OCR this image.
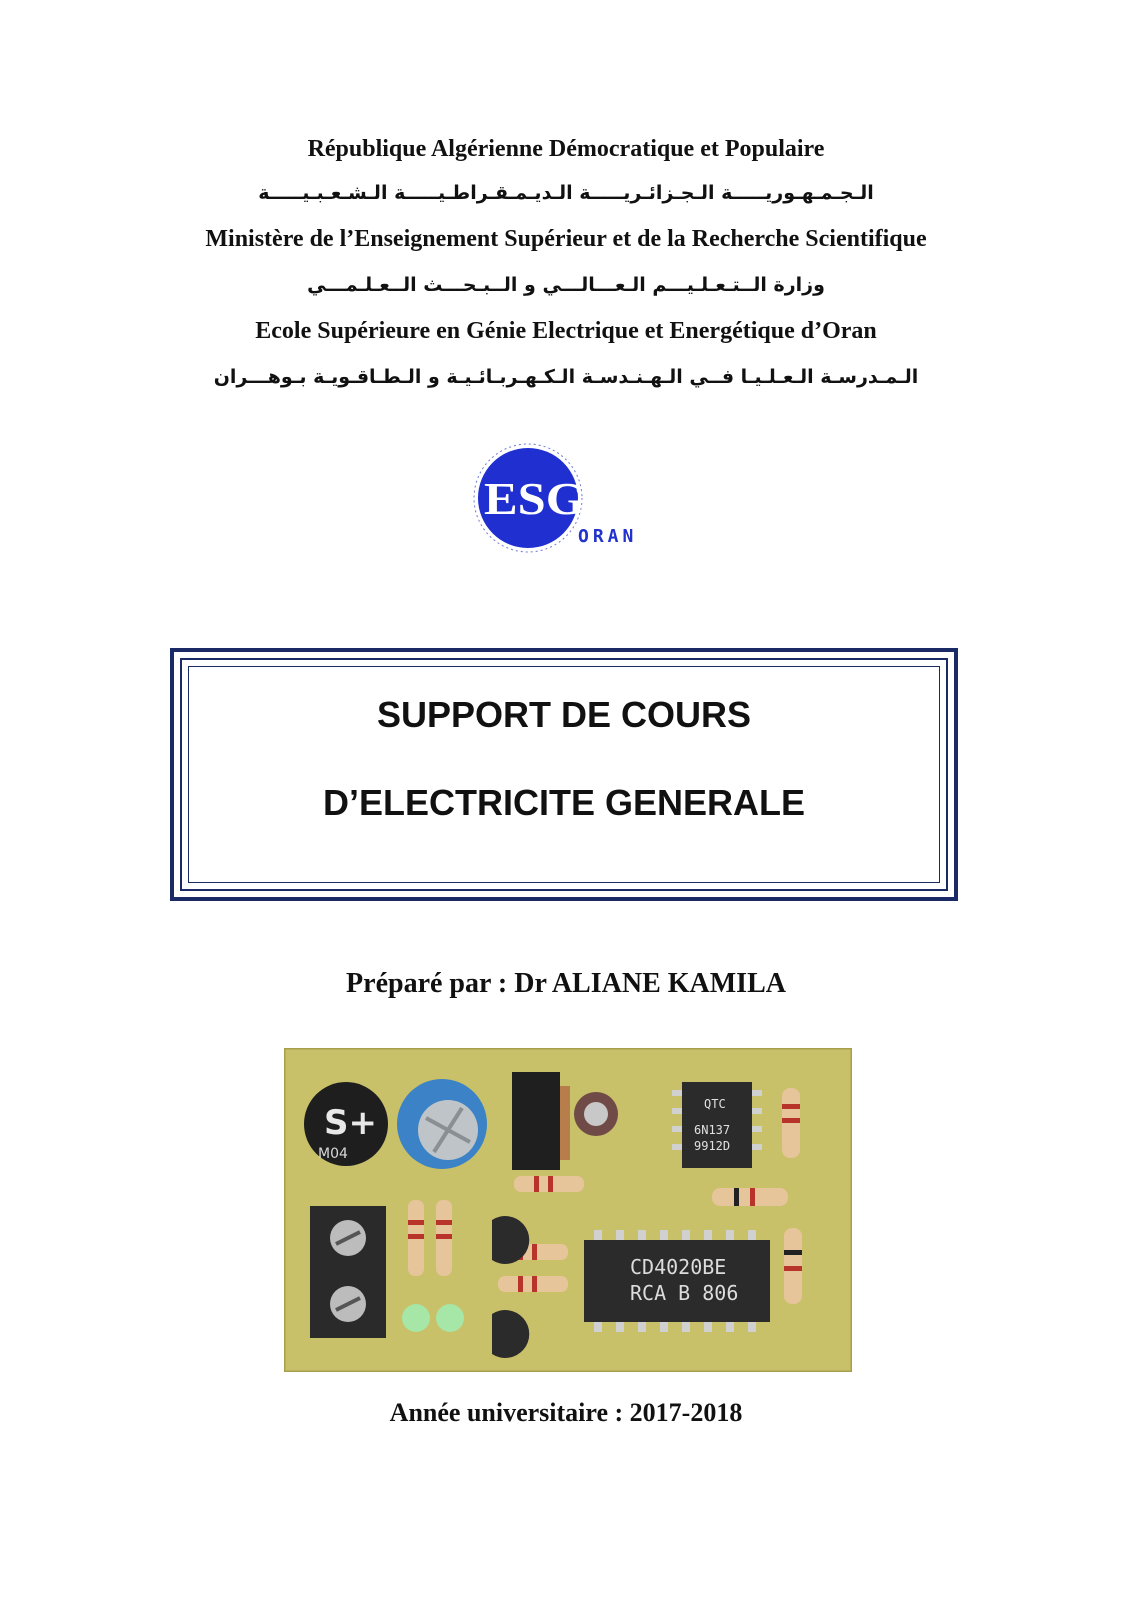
République Algérienne Démocratique et Populaire
الـجـمـهـوريـــــة الـجـزائـريـــــة الـديـمـقـراطـيـــــة الـشـعـبـيـــــة
Ministère de l’Enseignement Supérieur et de la Recherche Scientifique
وزارة الــتـعـلـيـــم الـعـــالـــي و الــبـحـــث الــعـلـمـــي
Ecole Supérieure en Génie Electrique et Energétique d’Oran
الـمـدرسـة الـعـلـيـا فــي الـهـنـدسـة الـكـهـربـائـيـة و الـطـاقـويـة بـوهـــران
ESG2E
ORAN
SUPPORT DE COURS
D’ELECTRICITE GENERALE
Préparé par : Dr ALIANE KAMILA
S+
M04
QTC
6N137
9912D
CD4020BE
RCA B 806
Année universitaire : 2017-2018
